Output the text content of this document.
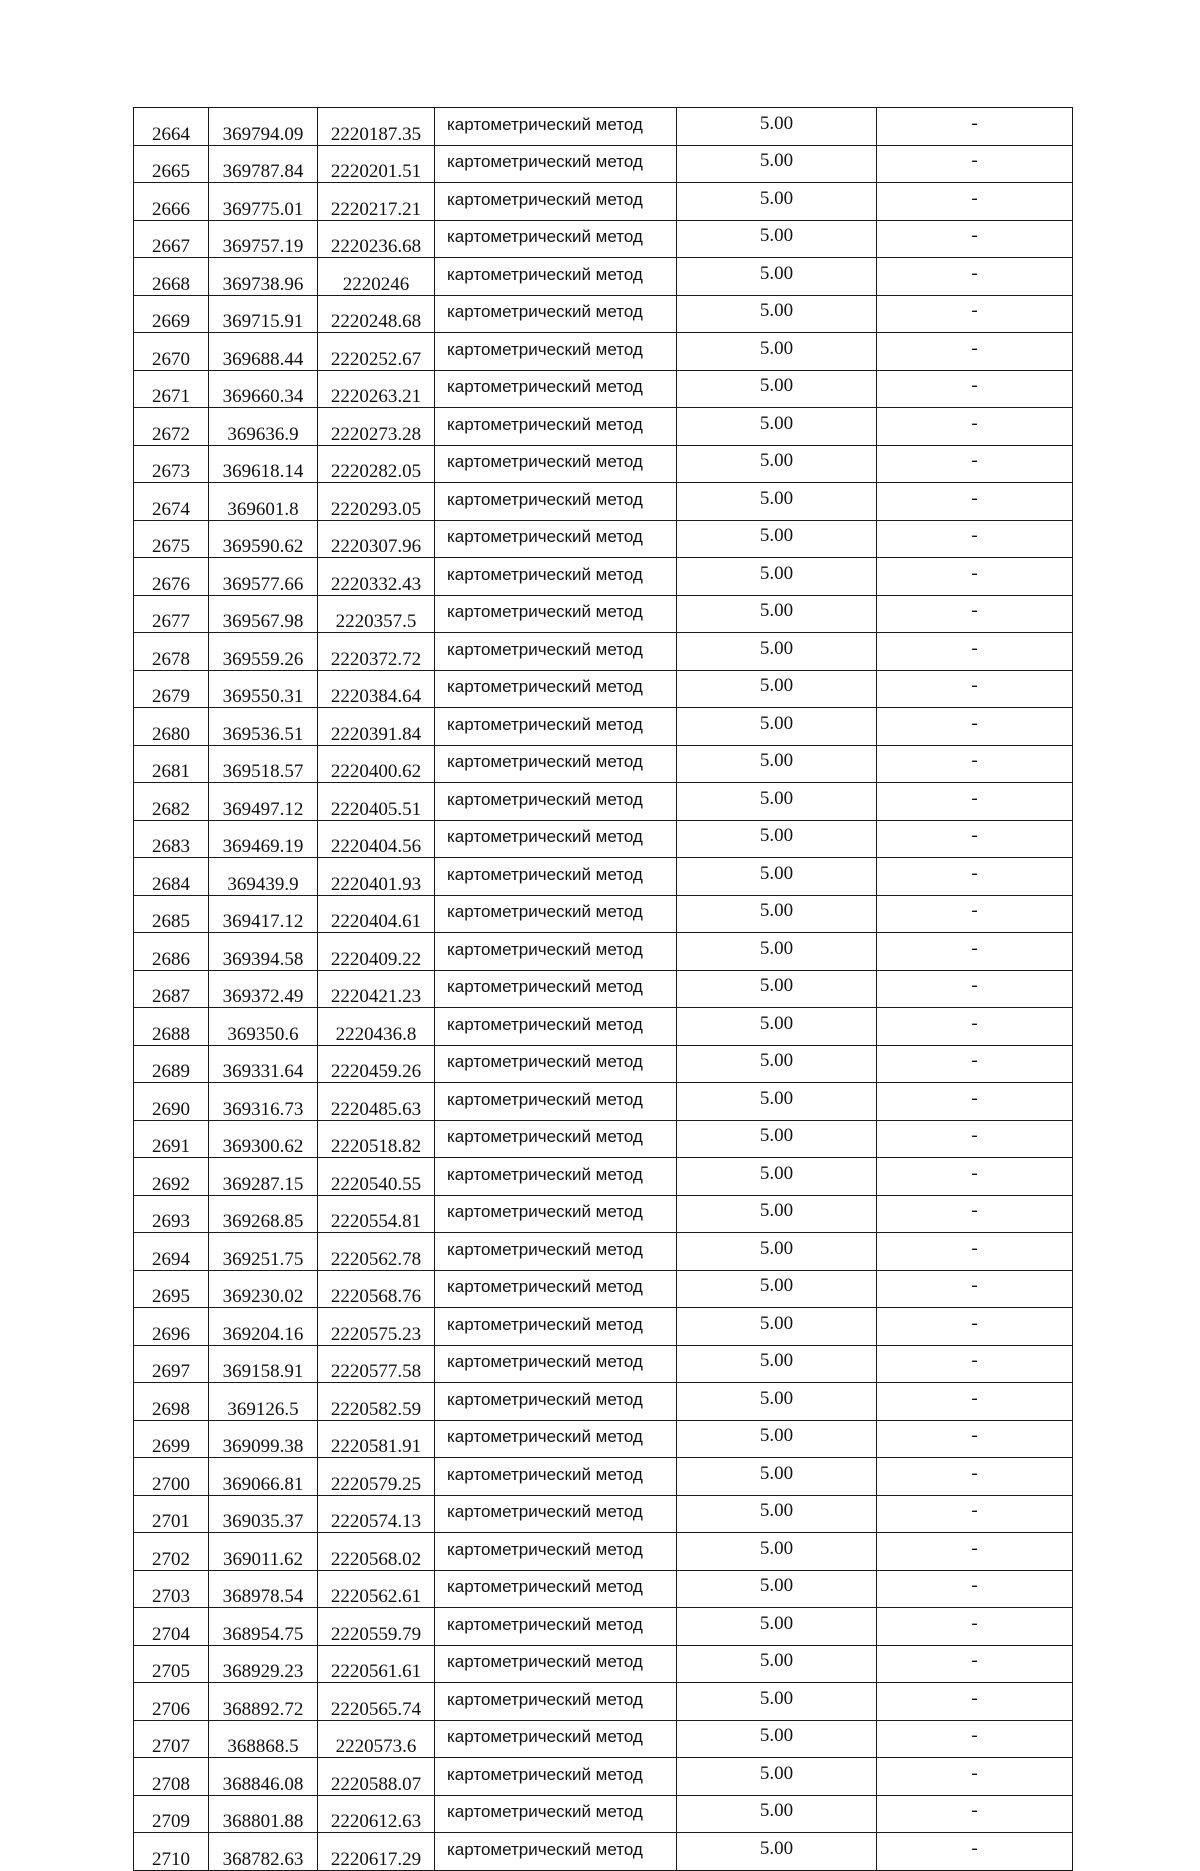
2664	369794.09	2220187.35	картометрический метод	5.00	-
2665	369787.84	2220201.51	картометрический метод	5.00	-
2666	369775.01	2220217.21	картометрический метод	5.00	-
2667	369757.19	2220236.68	картометрический метод	5.00	-
2668	369738.96	2220246	картометрический метод	5.00	-
2669	369715.91	2220248.68	картометрический метод	5.00	-
2670	369688.44	2220252.67	картометрический метод	5.00	-
2671	369660.34	2220263.21	картометрический метод	5.00	-
2672	369636.9	2220273.28	картометрический метод	5.00	-
2673	369618.14	2220282.05	картометрический метод	5.00	-
2674	369601.8	2220293.05	картометрический метод	5.00	-
2675	369590.62	2220307.96	картометрический метод	5.00	-
2676	369577.66	2220332.43	картометрический метод	5.00	-
2677	369567.98	2220357.5	картометрический метод	5.00	-
2678	369559.26	2220372.72	картометрический метод	5.00	-
2679	369550.31	2220384.64	картометрический метод	5.00	-
2680	369536.51	2220391.84	картометрический метод	5.00	-
2681	369518.57	2220400.62	картометрический метод	5.00	-
2682	369497.12	2220405.51	картометрический метод	5.00	-
2683	369469.19	2220404.56	картометрический метод	5.00	-
2684	369439.9	2220401.93	картометрический метод	5.00	-
2685	369417.12	2220404.61	картометрический метод	5.00	-
2686	369394.58	2220409.22	картометрический метод	5.00	-
2687	369372.49	2220421.23	картометрический метод	5.00	-
2688	369350.6	2220436.8	картометрический метод	5.00	-
2689	369331.64	2220459.26	картометрический метод	5.00	-
2690	369316.73	2220485.63	картометрический метод	5.00	-
2691	369300.62	2220518.82	картометрический метод	5.00	-
2692	369287.15	2220540.55	картометрический метод	5.00	-
2693	369268.85	2220554.81	картометрический метод	5.00	-
2694	369251.75	2220562.78	картометрический метод	5.00	-
2695	369230.02	2220568.76	картометрический метод	5.00	-
2696	369204.16	2220575.23	картометрический метод	5.00	-
2697	369158.91	2220577.58	картометрический метод	5.00	-
2698	369126.5	2220582.59	картометрический метод	5.00	-
2699	369099.38	2220581.91	картометрический метод	5.00	-
2700	369066.81	2220579.25	картометрический метод	5.00	-
2701	369035.37	2220574.13	картометрический метод	5.00	-
2702	369011.62	2220568.02	картометрический метод	5.00	-
2703	368978.54	2220562.61	картометрический метод	5.00	-
2704	368954.75	2220559.79	картометрический метод	5.00	-
2705	368929.23	2220561.61	картометрический метод	5.00	-
2706	368892.72	2220565.74	картометрический метод	5.00	-
2707	368868.5	2220573.6	картометрический метод	5.00	-
2708	368846.08	2220588.07	картометрический метод	5.00	-
2709	368801.88	2220612.63	картометрический метод	5.00	-
2710	368782.63	2220617.29	картометрический метод	5.00	-
